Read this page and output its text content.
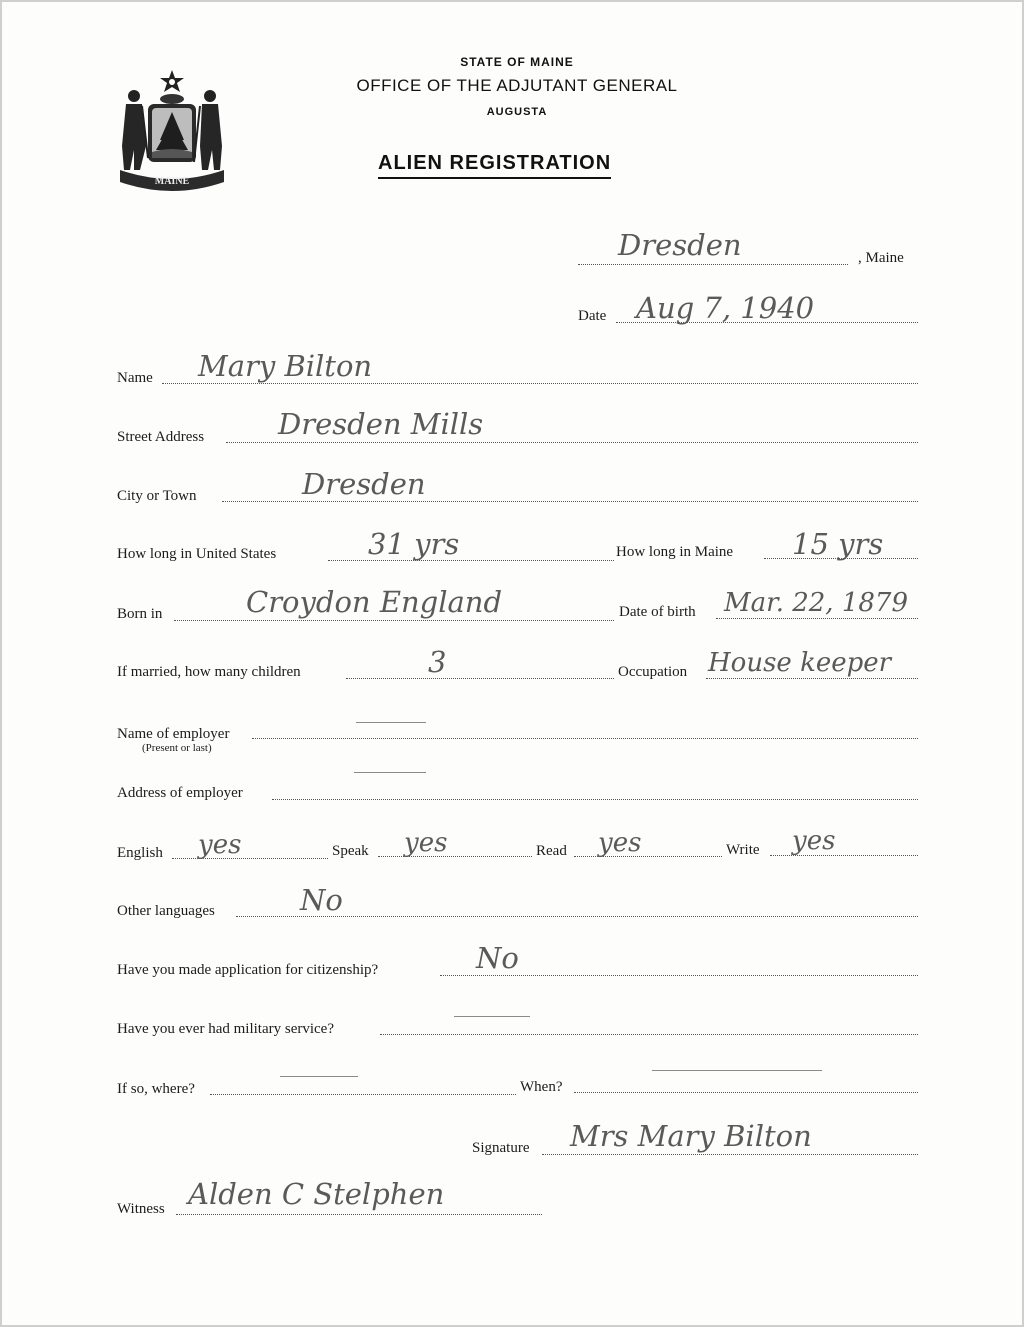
MAINE
STATE OF MAINE
OFFICE OF THE ADJUTANT GENERAL
AUGUSTA
ALIEN REGISTRATION
Dresden	, Maine
Date Aug 7, 1940
Name Mary Bilton
Street Address	Dresden Mills
City or Town	Dresden
How long in United States	31 yrs	How long in Maine 15 yrs
Born in	Croydon England	Date of birth Mar. 22, 1879
If married, how many children	3	Occupation House keeper
Name of employer
(Present or last)
Address of employer
English yes	Speak yes	Read yes	Write yes
Other languages	No
Have you made application for citizenship?	No
Have you ever had military service?
If so, where?	When?
Signature Mrs Mary Bilton
Witness Alden C Stelphen
